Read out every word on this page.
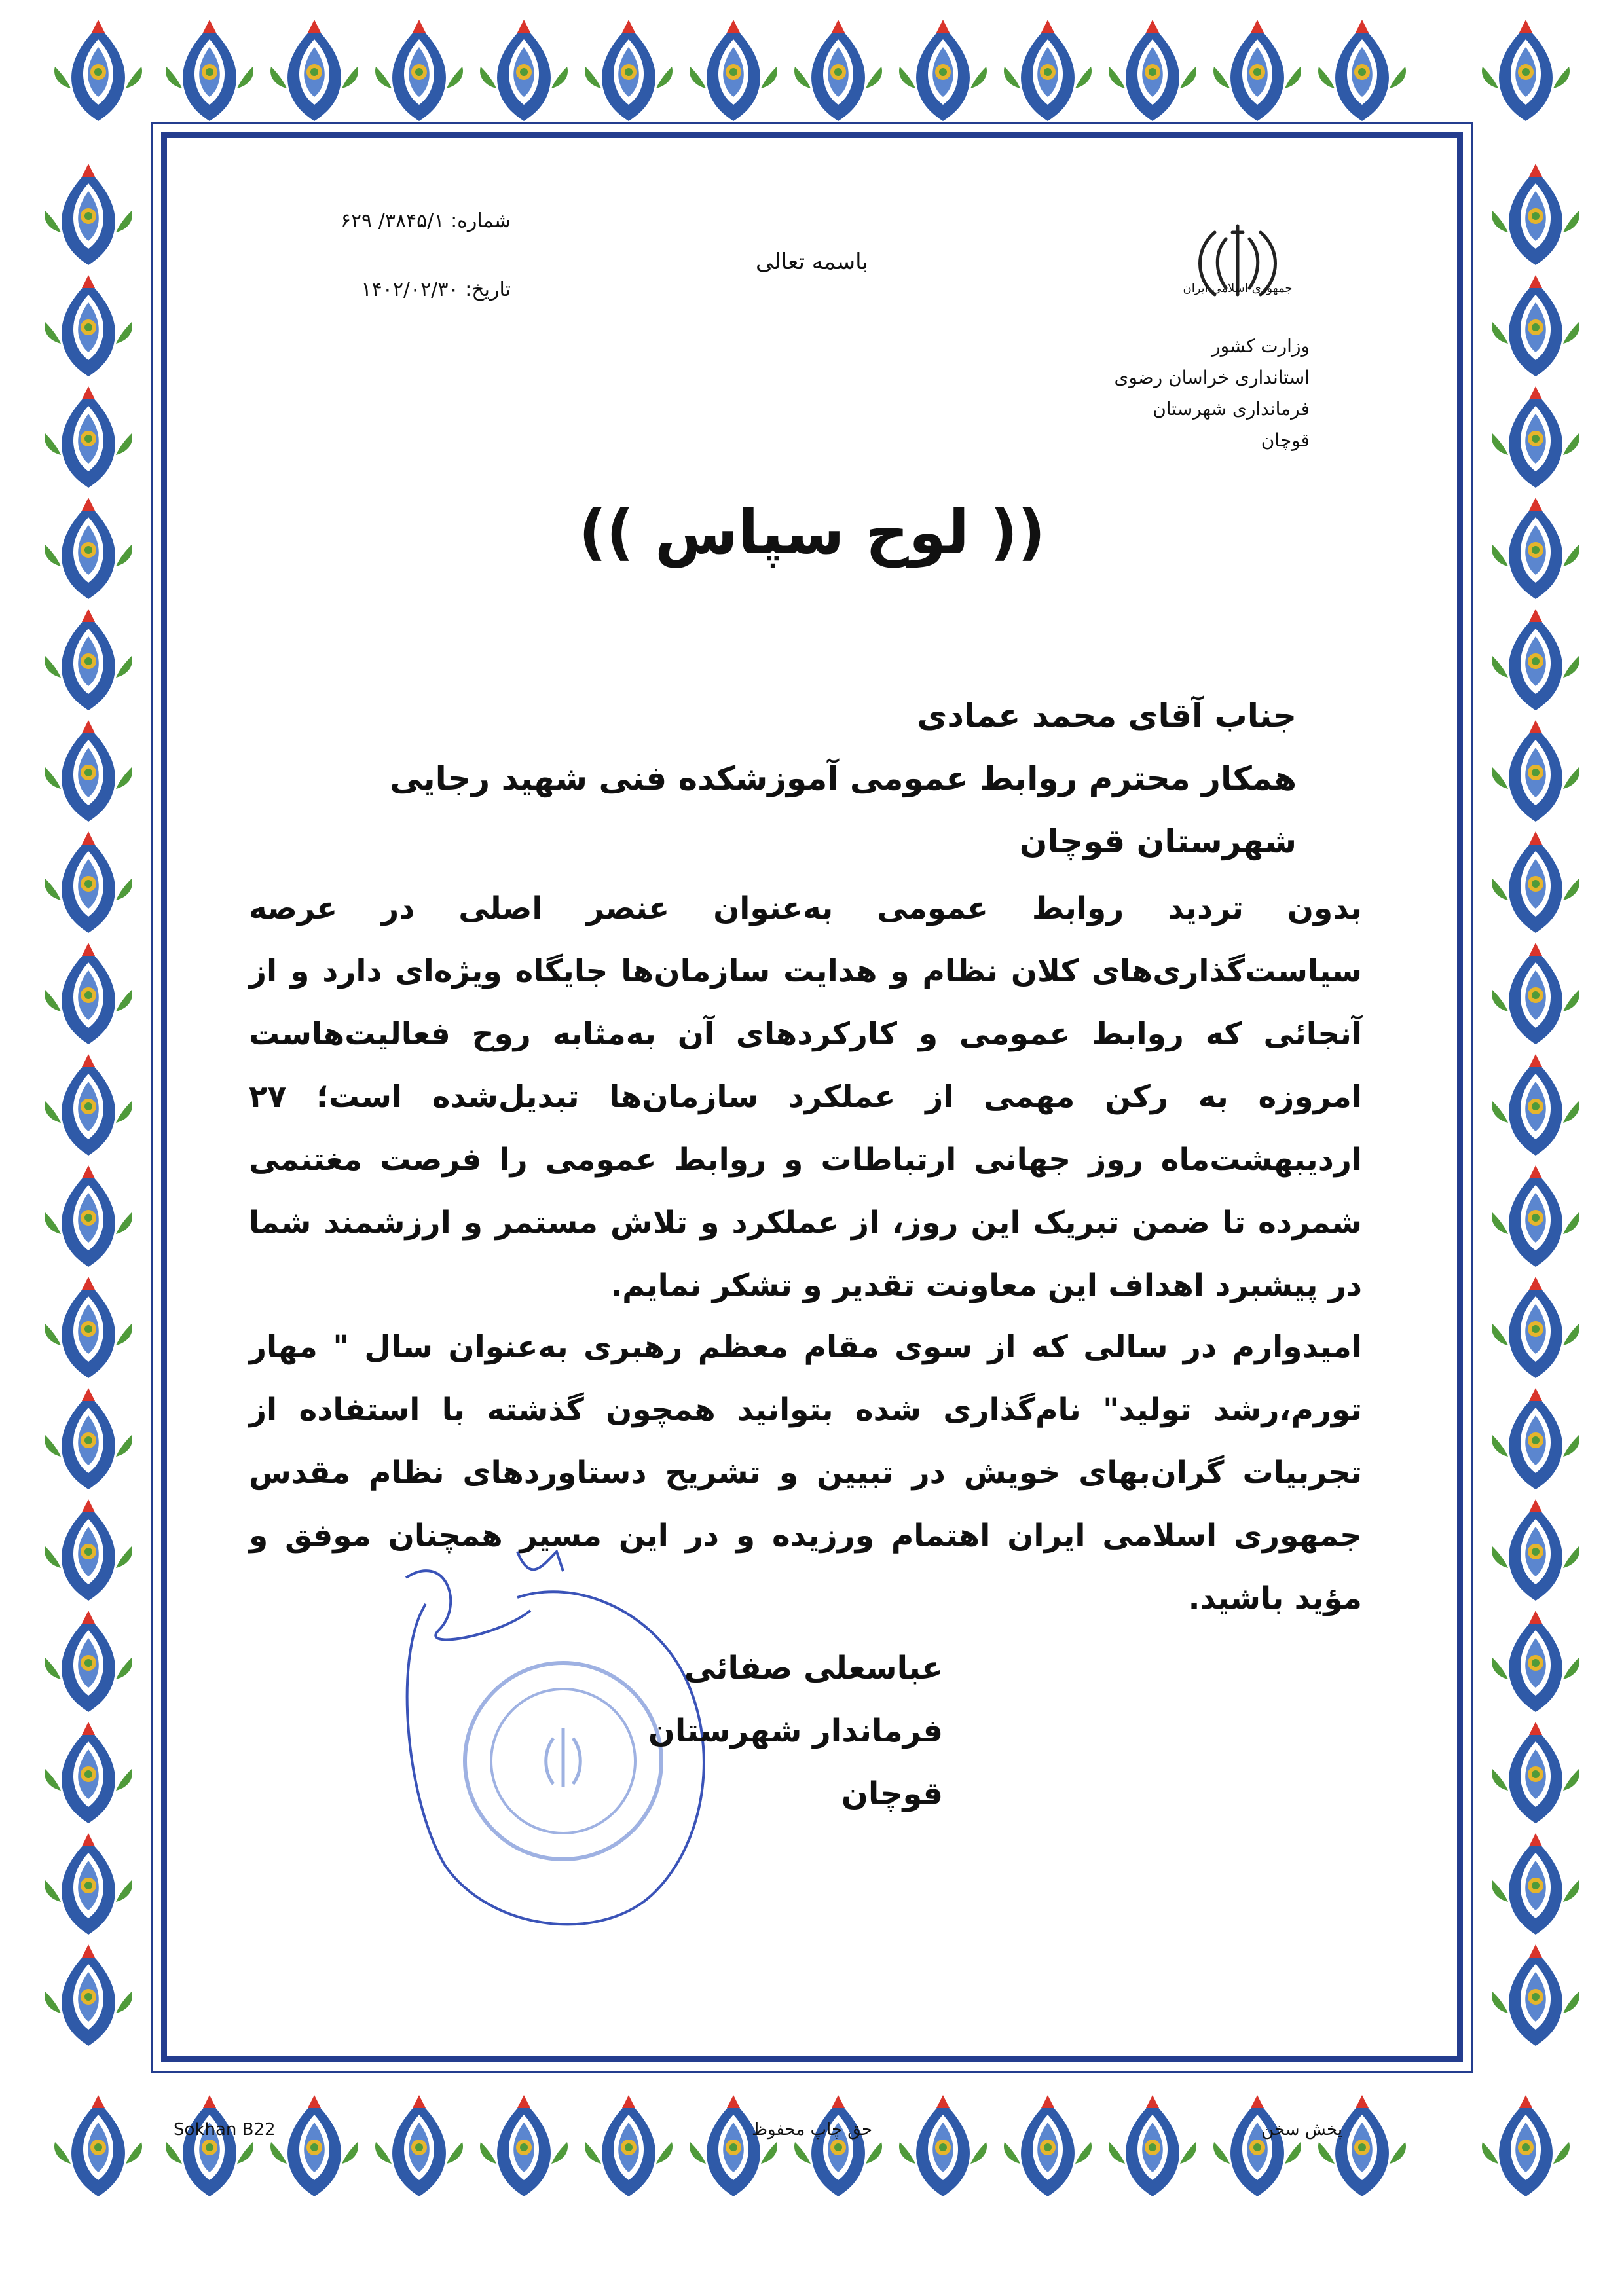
باسمه تعالی
شماره: ۳۸۴۵/۱/ ۶۲۹
تاریخ: ۱۴۰۲/۰۲/۳۰	جمهوری اسلامی ایران
وزارت کشور
استانداری خراسان رضوی
فرمانداری شهرستان قوچان
(( لوح سپاس ))
جناب آقای محمد عمادی
همکار محترم روابط عمومی آموزشکده فنی شهید رجایی شهرستان قوچان
بدون تردید روابط عمومی به‌عنوان عنصر اصلی در عرصه سیاست‌گذاری‌های کلان نظام و هدایت سازمان‌ها جایگاه ویژه‌ای دارد و از آنجائی که روابط عمومی و کارکردهای آن به‌مثابه روح فعالیت‌هاست امروزه به رکن مهمی از عملکرد سازمان‌ها تبدیل‌شده است؛ ۲۷ اردیبهشت‌ماه روز جهانی ارتباطات و روابط عمومی را فرصت مغتنمی شمرده تا ضمن تبریک این روز، از عملکرد و تلاش مستمر و ارزشمند شما در پیشبرد اهداف این معاونت تقدیر و تشکر نمایم.
امیدوارم در سالی که از سوی مقام معظم رهبری به‌عنوان سال " مهار تورم،رشد تولید" نام‌گذاری شده بتوانید همچون گذشته با استفاده از تجربیات گران‌بهای خویش در تبیین و تشریح دستاوردهای نظام مقدس جمهوری اسلامی ایران اهتمام ورزیده و در این مسیر همچنان موفق و مؤید باشید.
عباسعلی صفائی
فرماندار شهرستان قوچان
Sokhan B22	حق چاپ محفوظ	پخش سخن
